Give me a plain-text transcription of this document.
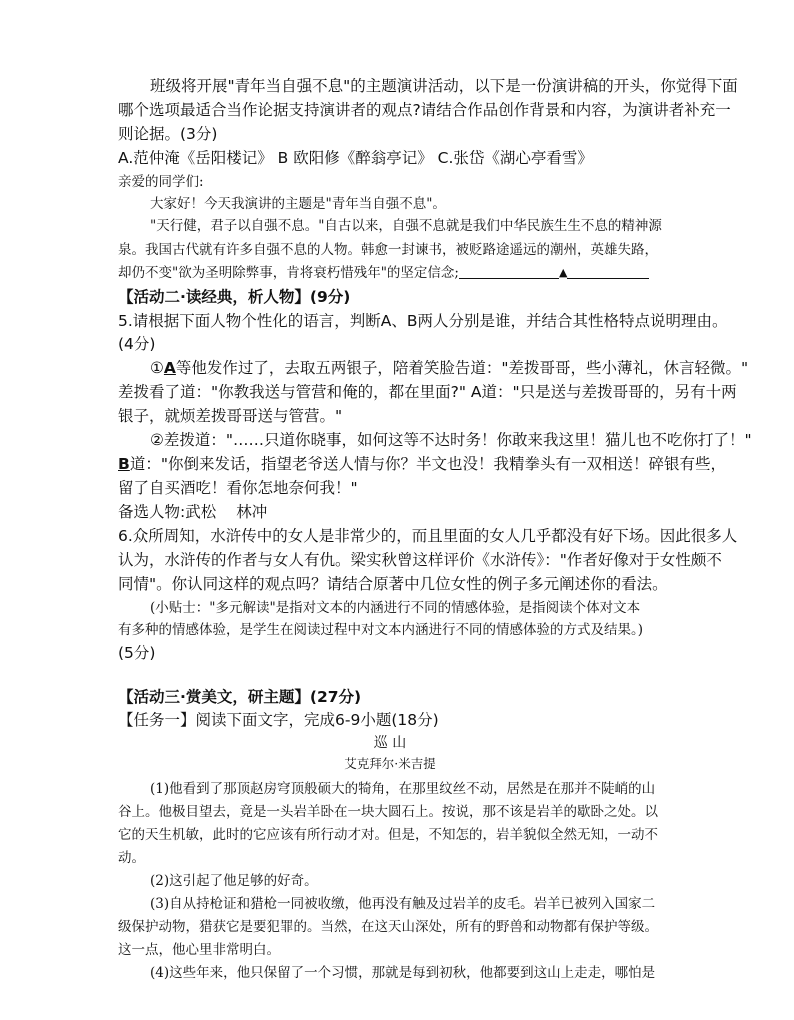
班级将开展"青年当自强不息"的主题演讲活动，以下是一份演讲稿的开头，你觉得下面
哪个选项最适合当作论据支持演讲者的观点?请结合作品创作背景和内容，为演讲者补充一
则论据。(3分)
A.范仲淹《岳阳楼记》 B 欧阳修《醉翁亭记》 C.张岱《湖心亭看雪》
亲爱的同学们:
大家好！今天我演讲的主题是"青年当自强不息"。
"天行健，君子以自强不息。"自古以来，自强不息就是我们中华民族生生不息的精神源
泉。我国古代就有许多自强不息的人物。韩愈一封谏书，被贬路途遥远的潮州，英雄失路，
却仍不变"欲为圣明除弊事，肯将衰朽惜残年"的坚定信念;	▲
【活动二·读经典，析人物】(9分)
5.请根据下面人物个性化的语言，判断A、B两人分别是谁，并结合其性格特点说明理由。
(4分)
①A等他发作过了，去取五两银子，陪着笑脸告道："差拨哥哥，些小薄礼，休言轻微。"
差拨看了道："你教我送与管营和俺的，都在里面?" A道："只是送与差拨哥哥的，另有十两
银子，就烦差拨哥哥送与管营。"
②差拨道："……只道你晓事，如何这等不达时务！你敢来我这里！猫儿也不吃你打了！"
B道："你倒来发话，指望老爷送人情与你？半文也没！我精拳头有一双相送！碎银有些，
留了自买酒吃！看你怎地奈何我！"
备选人物:武松 林冲
6.众所周知，水浒传中的女人是非常少的，而且里面的女人几乎都没有好下场。因此很多人
认为，水浒传的作者与女人有仇。梁实秋曾这样评价《水浒传》："作者好像对于女性颇不
同情"。你认同这样的观点吗？请结合原著中几位女性的例子多元阐述你的看法。
(小贴士："多元解读"是指对文本的内涵进行不同的情感体验，是指阅读个体对文本
有多种的情感体验，是学生在阅读过程中对文本内涵进行不同的情感体验的方式及结果。)
(5分)
【活动三·赏美文，研主题】(27分)
【任务一】阅读下面文字，完成6-9小题(18分)
巡 山
艾克拜尔·米吉提
(1)他看到了那顶赵房穹顶般硕大的犄角，在那里纹丝不动，居然是在那并不陡峭的山
谷上。他极目望去，竟是一头岩羊卧在一块大圆石上。按说，那不该是岩羊的歇卧之处。以
它的天生机敏，此时的它应该有所行动才对。但是，不知怎的，岩羊貌似全然无知，一动不
动。
(2)这引起了他足够的好奇。
(3)自从持枪证和猎枪一同被收缴，他再没有触及过岩羊的皮毛。岩羊已被列入国家二
级保护动物，猎获它是要犯罪的。当然，在这天山深处，所有的野兽和动物都有保护等级。
这一点，他心里非常明白。
(4)这些年来，他只保留了一个习惯，那就是每到初秋，他都要到这山上走走，哪怕是
